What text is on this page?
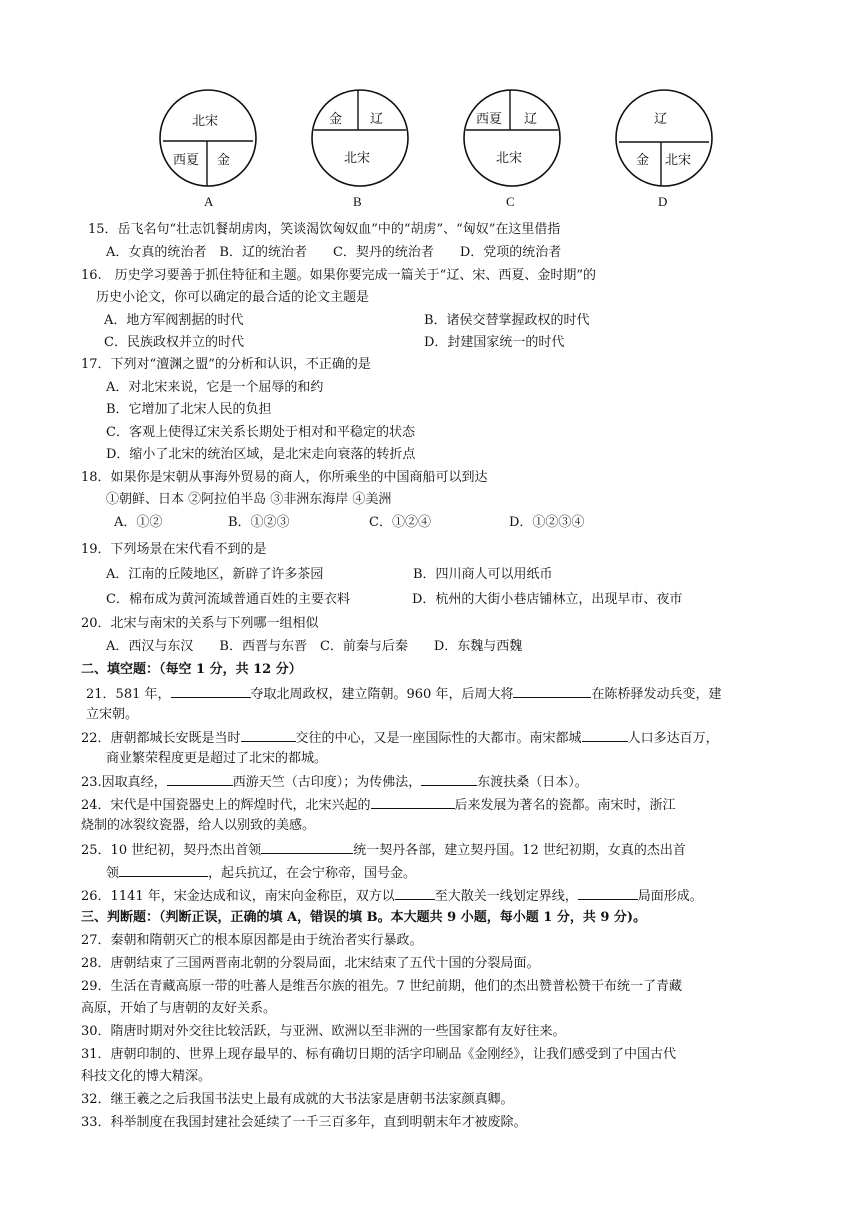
北宋
西夏 金
A
金 辽
北宋
B
西夏 辽
北宋
C
辽
金 北宋
D
15．岳飞名句“壮志饥餐胡虏肉，笑谈渴饮匈奴血”中的“胡虏”、“匈奴”在这里借指
A．女真的统治者　B．辽的统治者　　C．契丹的统治者　　D．党项的统治者
16.　历史学习要善于抓住特征和主题。如果你要完成一篇关于“辽、宋、西夏、金时期”的
历史小论文，你可以确定的最合适的论文主题是
A．地方军阀割据的时代	B．诸侯交替掌握政权的时代
C．民族政权并立的时代	D．封建国家统一的时代
17．下列对“澶渊之盟”的分析和认识，不正确的是
A．对北宋来说，它是一个屈辱的和约
B．它增加了北宋人民的负担
C．客观上使得辽宋关系长期处于相对和平稳定的状态
D．缩小了北宋的统治区域，是北宋走向衰落的转折点
18．如果你是宋朝从事海外贸易的商人，你所乘坐的中国商船可以到达
①朝鲜、日本 ②阿拉伯半岛 ③非洲东海岸 ④美洲
A．①②	B．①②③	C．①②④	D．①②③④
19．下列场景在宋代看不到的是
A．江南的丘陵地区，新辟了许多茶园	B．四川商人可以用纸币
C．棉布成为黄河流域普通百姓的主要衣料	D．杭州的大街小巷店铺林立，出现早市、夜市
20．北宋与南宋的关系与下列哪一组相似
A．西汉与东汉　　B．西晋与东晋　C．前秦与后秦　　D．东魏与西魏
二、填空题：（每空 1 分，共 12 分）
21．581 年，	夺取北周政权，建立隋朝。960 年，后周大将	在陈桥驿发动兵变，建
立宋朝。
22．唐朝都城长安既是当时	交往的中心，又是一座国际性的大都市。南宋都城	人口多达百万，
商业繁荣程度更是超过了北宋的都城。
23.因取真经，	西游天竺（古印度）；为传佛法，	东渡扶桑（日本）。
24．宋代是中国瓷器史上的辉煌时代，北宋兴起的	后来发展为著名的瓷都。南宋时，浙江
烧制的冰裂纹瓷器，给人以别致的美感。
25．10 世纪初，契丹杰出首领	统一契丹各部，建立契丹国。12 世纪初期，女真的杰出首
领	，起兵抗辽，在会宁称帝，国号金。
26．1141 年，宋金达成和议，南宋向金称臣，双方以	至大散关一线划定界线，	局面形成。
三、判断题：（判断正误，正确的填 A，错误的填 B。本大题共 9 小题，每小题 1 分，共 9 分)。
27．秦朝和隋朝灭亡的根本原因都是由于统治者实行暴政。
28．唐朝结束了三国两晋南北朝的分裂局面，北宋结束了五代十国的分裂局面。
29．生活在青藏高原一带的吐蕃人是维吾尔族的祖先。7 世纪前期，他们的杰出赞普松赞干布统一了青藏
高原，开始了与唐朝的友好关系。
30．隋唐时期对外交往比较活跃，与亚洲、欧洲以至非洲的一些国家都有友好往来。
31．唐朝印制的、世界上现存最早的、标有确切日期的活字印刷品《金刚经》，让我们感受到了中国古代
科技文化的博大精深。
32．继王羲之之后我国书法史上最有成就的大书法家是唐朝书法家颜真卿。
33．科举制度在我国封建社会延续了一千三百多年，直到明朝末年才被废除。
